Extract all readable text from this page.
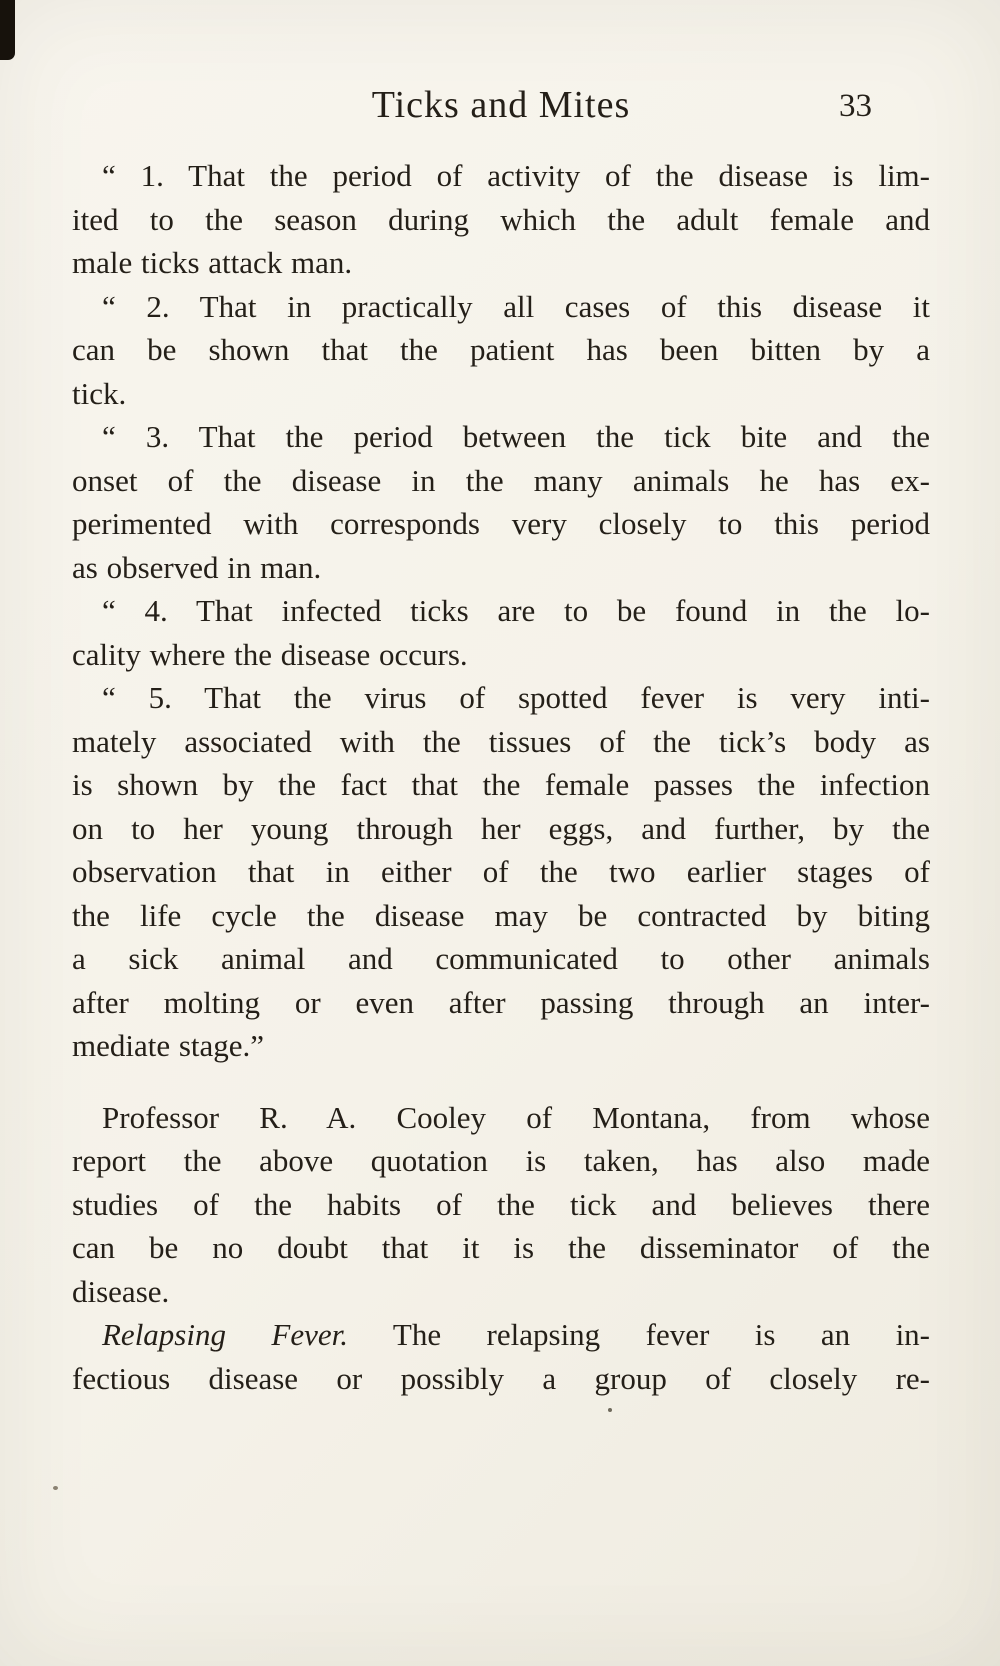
Ticks and Mites	33
“ 1. That the period of activity of the disease is lim-
ited to the season during which the adult female and
male ticks attack man.
“ 2. That in practically all cases of this disease it
can be shown that the patient has been bitten by a
tick.
“ 3. That the period between the tick bite and the
onset of the disease in the many animals he has ex-
perimented with corresponds very closely to this period
as observed in man.
“ 4. That infected ticks are to be found in the lo-
cality where the disease occurs.
“ 5. That the virus of spotted fever is very inti-
mately associated with the tissues of the tick’s body as
is shown by the fact that the female passes the infection
on to her young through her eggs, and further, by the
observation that in either of the two earlier stages of
the life cycle the disease may be contracted by biting
a sick animal and communicated to other animals
after molting or even after passing through an inter-
mediate stage.”
Professor R. A. Cooley of Montana, from whose
report the above quotation is taken, has also made
studies of the habits of the tick and believes there
can be no doubt that it is the disseminator of the
disease.
Relapsing Fever. The relapsing fever is an in-
fectious disease or possibly a group of closely re-
